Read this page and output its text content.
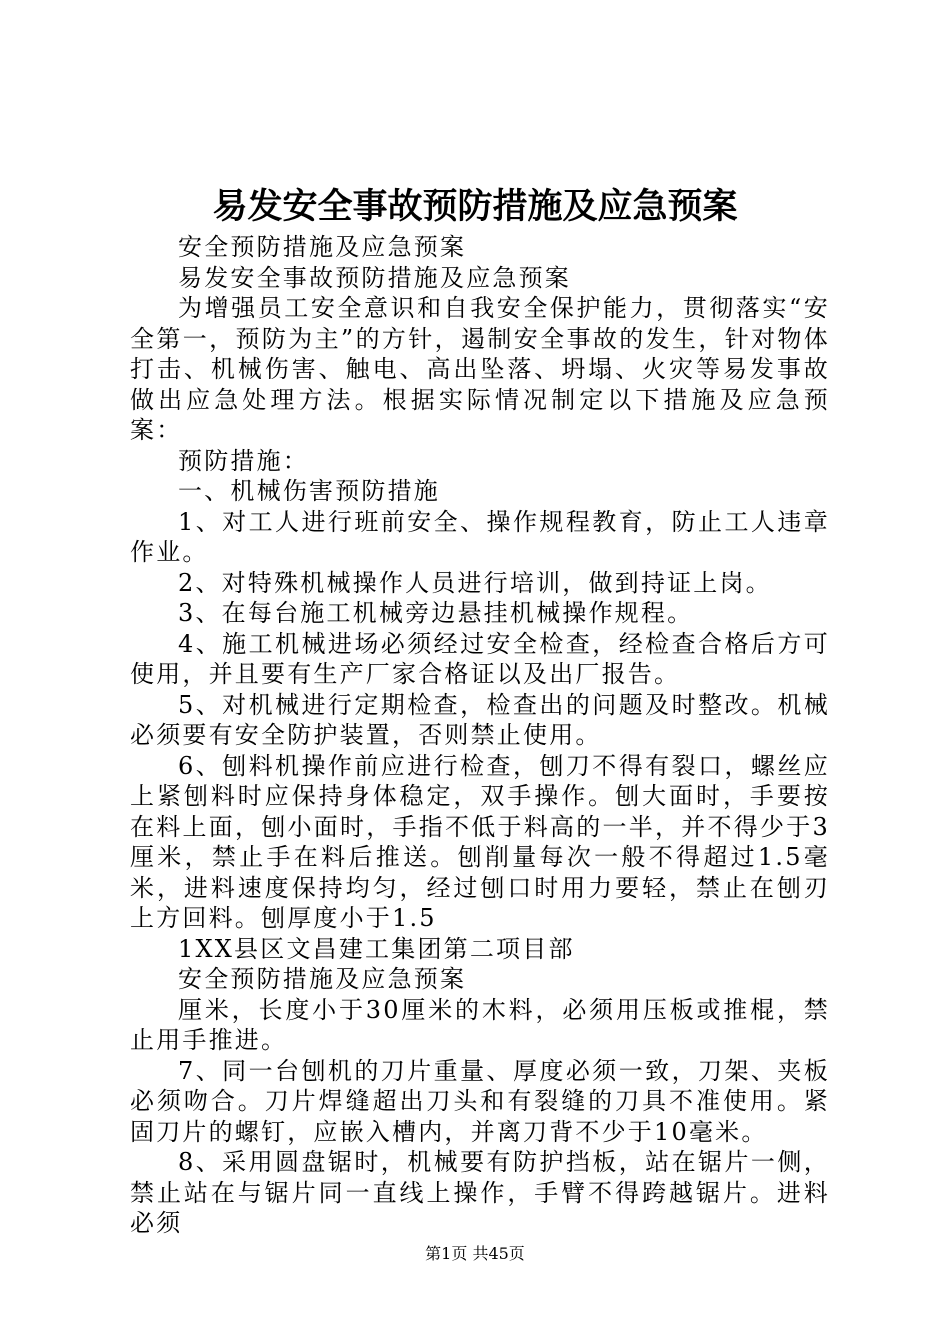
易发安全事故预防措施及应急预案

安全预防措施及应急预案

易发安全事故预防措施及应急预案

为增强员工安全意识和自我安全保护能力，贯彻落实“安全第一，预防为主”的方针，遏制安全事故的发生，针对物体打击、机械伤害、触电、高出坠落、坍塌、火灾等易发事故做出应急处理方法。根据实际情况制定以下措施及应急预案：

预防措施：

一、机械伤害预防措施

1、对工人进行班前安全、操作规程教育，防止工人违章作业。

2、对特殊机械操作人员进行培训，做到持证上岗。

3、在每台施工机械旁边悬挂机械操作规程。

4、施工机械进场必须经过安全检查，经检查合格后方可使用，并且要有生产厂家合格证以及出厂报告。

5、对机械进行定期检查，检查出的问题及时整改。机械必须要有安全防护装置，否则禁止使用。

6、刨料机操作前应进行检查，刨刀不得有裂口，螺丝应上紧刨料时应保持身体稳定，双手操作。刨大面时，手要按在料上面，刨小面时，手指不低于料高的一半，并不得少于3厘米，禁止手在料后推送。刨削量每次一般不得超过1.5毫米，进料速度保持均匀，经过刨口时用力要轻，禁止在刨刃上方回料。刨厚度小于1.5

1XX县区文昌建工集团第二项目部

安全预防措施及应急预案

厘米，长度小于30厘米的木料，必须用压板或推棍，禁止用手推进。

7、同一台刨机的刀片重量、厚度必须一致，刀架、夹板必须吻合。刀片焊缝超出刀头和有裂缝的刀具不准使用。紧固刀片的螺钉，应嵌入槽内，并离刀背不少于10毫米。

8、采用圆盘锯时，机械要有防护挡板，站在锯片一侧，禁止站在与锯片同一直线上操作，手臂不得跨越锯片。进料必须

第1页 共45页
